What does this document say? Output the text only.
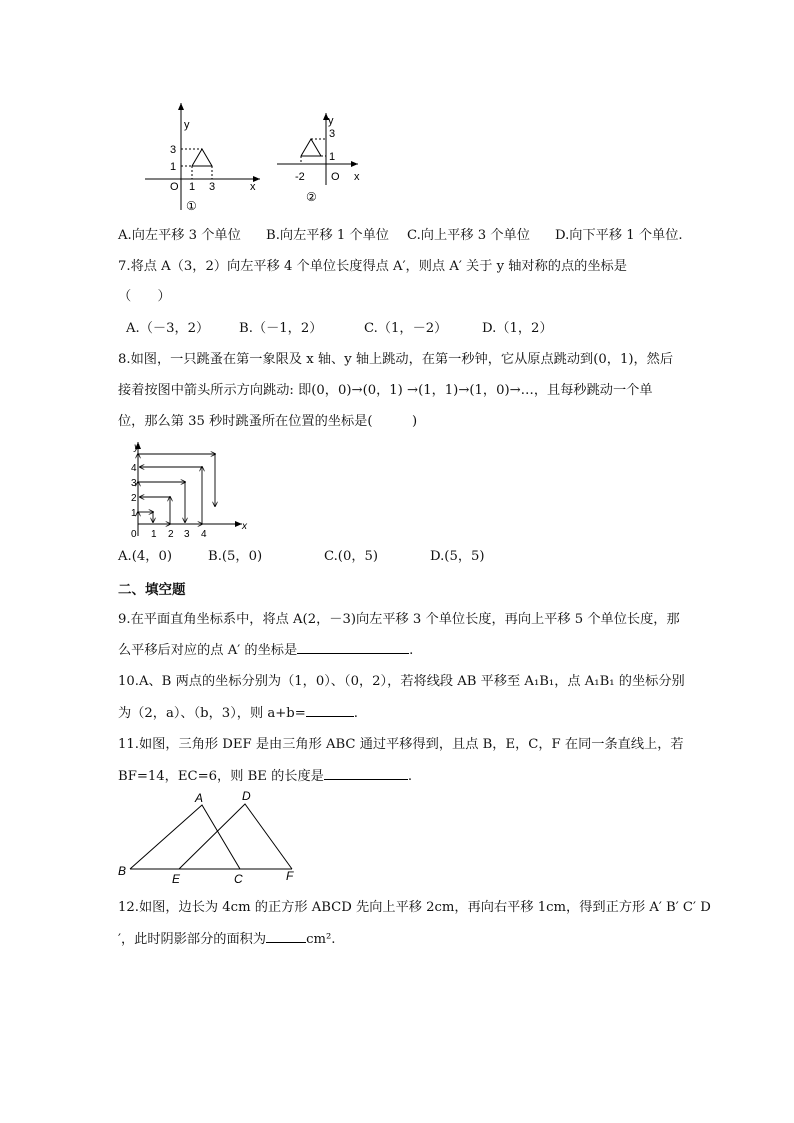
y
x
O 1 3
3
1
①
y
x
O
-2
3
1
②
A.向左平移 3 个单位 B.向左平移 1 个单位 C.向上平移 3 个单位 D.向下平移 1 个单位.
7.将点 A（3，2）向左平移 4 个单位长度得点 A′，则点 A′ 关于 y 轴对称的点的坐标是
（　　）
A.（－3，2） B.（－1，2）	C.（1，－2）	D.（1，2）
8.如图，一只跳蚤在第一象限及 x 轴、y 轴上跳动，在第一秒钟，它从原点跳动到(0，1)，然后
接着按图中箭头所示方向跳动: 即(0，0)→(0，1) →(1，1)→(1，0)→…，且每秒跳动一个单
位，那么第 35 秒时跳蚤所在位置的坐标是(　　　)
y
x
0 1 2 3 4
1
2
3
4
A.(4，0)	B.(5，0)	C.(0，5)	D.(5，5)
二、填空题
9.在平面直角坐标系中，将点 A(2，－3)向左平移 3 个单位长度，再向上平移 5 个单位长度，那
么平移后对应的点 A′ 的坐标是	.
10.A、B 两点的坐标分别为（1，0）、（0，2），若将线段 AB 平移至 A₁B₁，点 A₁B₁ 的坐标分别
为（2，a）、（b，3），则 a+b=	.
11.如图，三角形 DEF 是由三角形 ABC 通过平移得到，且点 B，E，C，F 在同一条直线上，若
BF=14，EC=6，则 BE 的长度是	.
A	D
B
E	C	F
12.如图，边长为 4cm 的正方形 ABCD 先向上平移 2cm，再向右平移 1cm，得到正方形 A′ B′ C′ D
′，此时阴影部分的面积为	cm².
